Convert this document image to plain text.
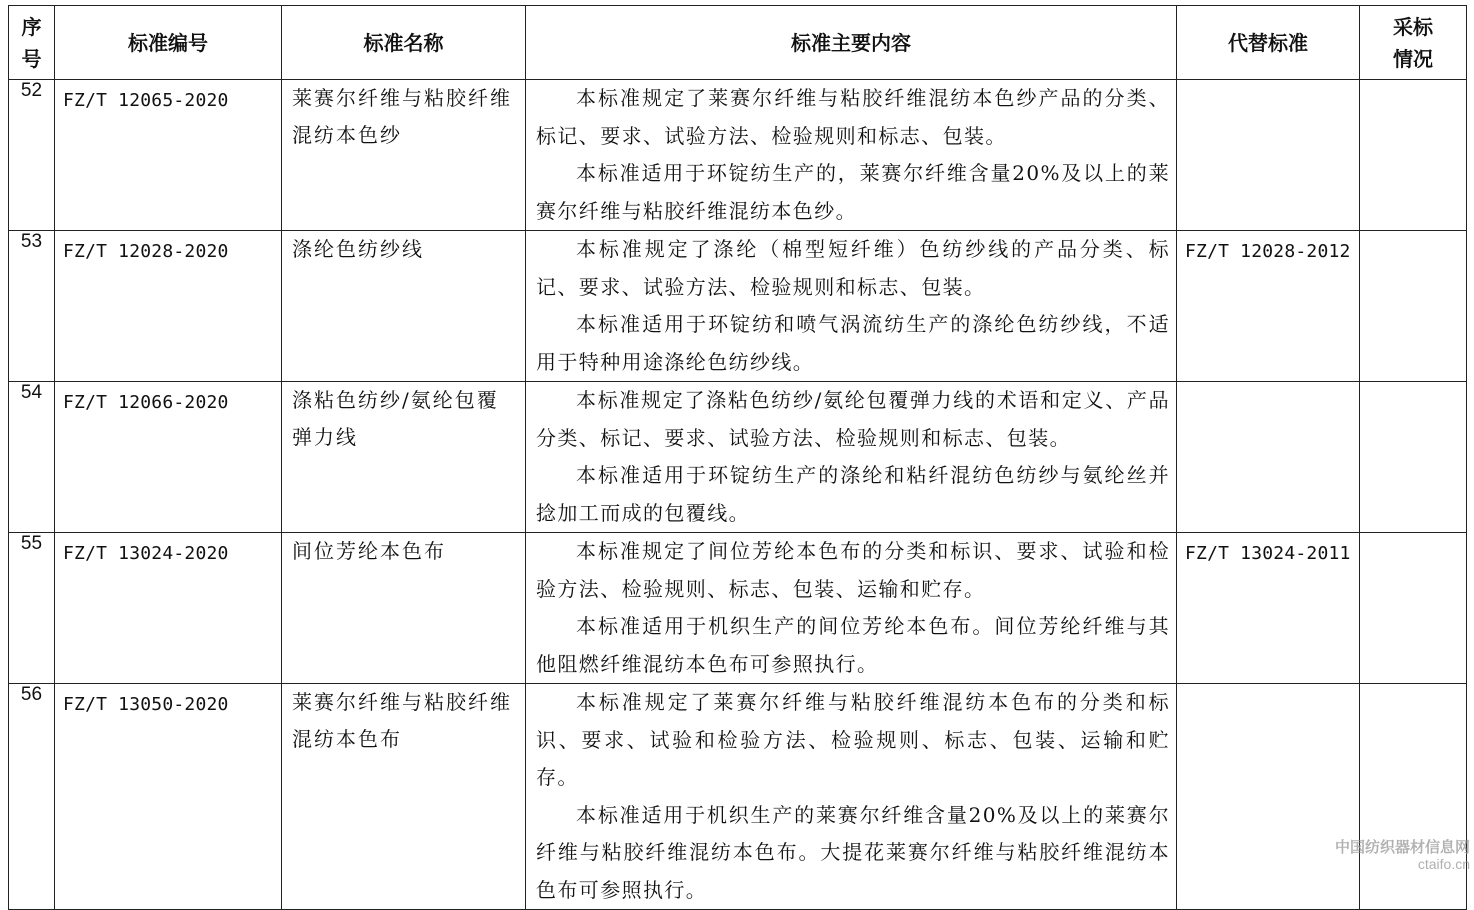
序号	标准编号	标准名称	标准主要内容	代替标准	采标情况
52	FZ/T 12065-2020	莱赛尔纤维与粘胶纤维混纺本色纱	本标准规定了莱赛尔纤维与粘胶纤维混纺本色纱产品的分类、标记、要求、试验方法、检验规则和标志、包装。

本标准适用于环锭纺生产的，莱赛尔纤维含量20%及以上的莱赛尔纤维与粘胶纤维混纺本色纱。		

53	FZ/T 12028-2020	涤纶色纺纱线	本标准规定了涤纶（棉型短纤维）色纺纱线的产品分类、标记、要求、试验方法、检验规则和标志、包装。

本标准适用于环锭纺和喷气涡流纺生产的涤纶色纺纱线，不适用于特种用途涤纶色纺纱线。	FZ/T 12028-2012	
54	FZ/T 12066-2020	涤粘色纺纱/氨纶包覆弹力线	本标准规定了涤粘色纺纱/氨纶包覆弹力线的术语和定义、产品分类、标记、要求、试验方法、检验规则和标志、包装。

本标准适用于环锭纺生产的涤纶和粘纤混纺色纺纱与氨纶丝并捻加工而成的包覆线。		

55	FZ/T 13024-2020	间位芳纶本色布	本标准规定了间位芳纶本色布的分类和标识、要求、试验和检验方法、检验规则、标志、包装、运输和贮存。

本标准适用于机织生产的间位芳纶本色布。间位芳纶纤维与其他阻燃纤维混纺本色布可参照执行。	FZ/T 13024-2011	
56	FZ/T 13050-2020	莱赛尔纤维与粘胶纤维混纺本色布	本标准规定了莱赛尔纤维与粘胶纤维混纺本色布的分类和标识、要求、试验和检验方法、检验规则、标志、包装、运输和贮存。

本标准适用于机织生产的莱赛尔纤维含量20%及以上的莱赛尔纤维与粘胶纤维混纺本色布。大提花莱赛尔纤维与粘胶纤维混纺本色布可参照执行。		

中国纺织器材信息网
ctaifo.cn
